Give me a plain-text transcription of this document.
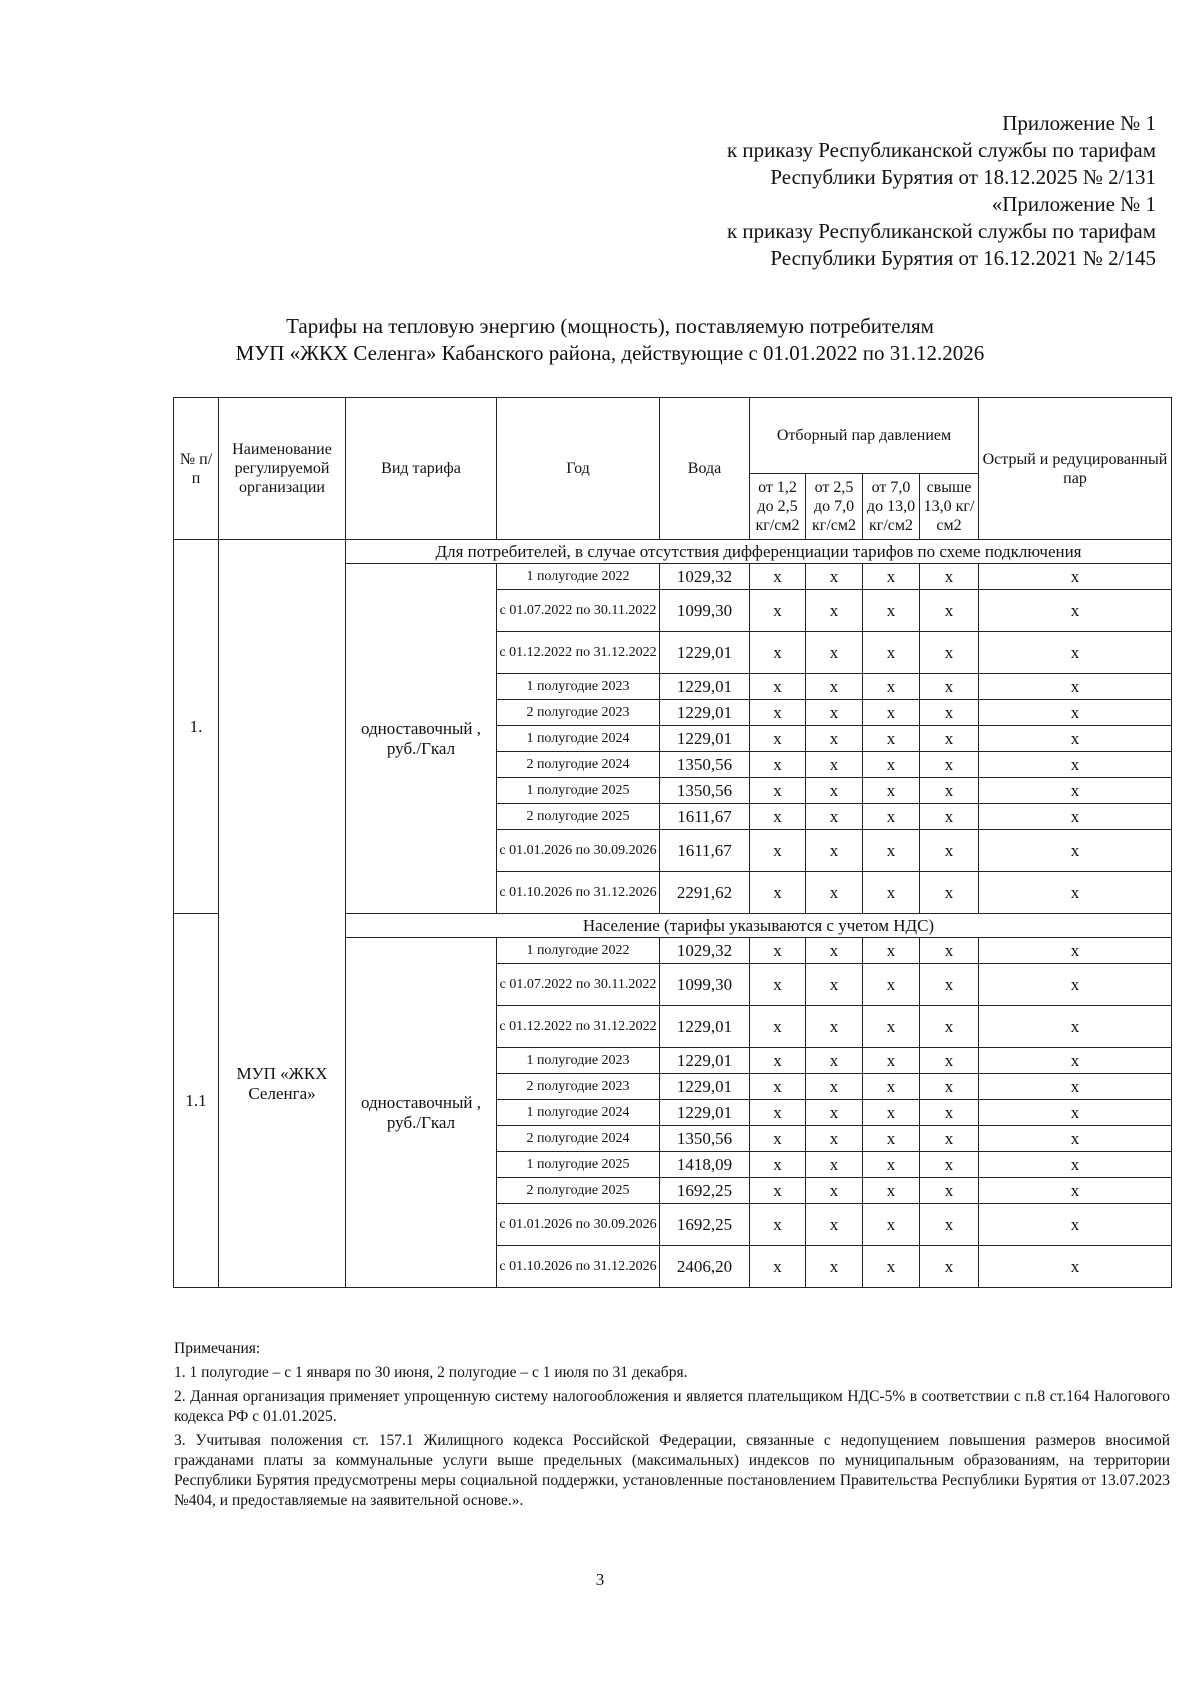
Приложение № 1
к приказу Республиканской службы по тарифам
Республики Бурятия от 18.12.2025 № 2/131
«Приложение № 1
к приказу Республиканской службы по тарифам
Республики Бурятия от 16.12.2021 № 2/145
Тарифы на тепловую энергию (мощность), поставляемую потребителям
МУП «ЖКХ Селенга» Кабанского района, действующие с 01.01.2022 по 31.12.2026
№ п/п	Наименование регулируемой организации	Вид тарифа	Год	Вода	Отборный пар давлением				Острый и редуцированный пар
					от 1,2 до 2,5 кг/см2	от 2,5 до 7,0 кг/см2	от 7,0 до 13,0 кг/см2	свыше 13,0 кг/см2	
1.	МУП «ЖКХ Селенга»	Для потребителей, в случае отсутствия дифференциации тарифов по схеме подключения							
		одноставочный , руб./Гкал	1 полугодие 2022	1029,32	х	х	х	х	х
			с 01.07.2022 по 30.11.2022	1099,30	х	х	х	х	х
			с 01.12.2022 по 31.12.2022	1229,01	х	х	х	х	х
			1 полугодие 2023	1229,01	х	х	х	х	х
			2 полугодие 2023	1229,01	х	х	х	х	х
			1 полугодие 2024	1229,01	х	х	х	х	х
			2 полугодие 2024	1350,56	х	х	х	х	х
			1 полугодие 2025	1350,56	х	х	х	х	х
			2 полугодие 2025	1611,67	х	х	х	х	х
			с 01.01.2026 по 30.09.2026	1611,67	х	х	х	х	х
			с 01.10.2026 по 31.12.2026	2291,62	х	х	х	х	х
1.1		Население (тарифы указываются с учетом НДС)							
		одноставочный , руб./Гкал	1 полугодие 2022	1029,32	х	х	х	х	х
			с 01.07.2022 по 30.11.2022	1099,30	х	х	х	х	х
			с 01.12.2022 по 31.12.2022	1229,01	х	х	х	х	х
			1 полугодие 2023	1229,01	х	х	х	х	х
			2 полугодие 2023	1229,01	х	х	х	х	х
			1 полугодие 2024	1229,01	х	х	х	х	х
			2 полугодие 2024	1350,56	х	х	х	х	х
			1 полугодие 2025	1418,09	х	х	х	х	х
			2 полугодие 2025	1692,25	х	х	х	х	х
			с 01.01.2026 по 30.09.2026	1692,25	х	х	х	х	х
			с 01.10.2026 по 31.12.2026	2406,20	х	х	х	х	х

Примечания:

1. 1 полугодие – с 1 января по 30 июня, 2 полугодие – с 1 июля по 31 декабря.

2. Данная организация применяет упрощенную систему налогообложения и является плательщиком НДС-5% в соответствии с п.8 ст.164 Налогового кодекса РФ с 01.01.2025.

3. Учитывая положения ст. 157.1 Жилищного кодекса Российской Федерации, связанные с недопущением повышения размеров вносимой гражданами платы за коммунальные услуги выше предельных (максимальных) индексов по муниципальным образованиям, на территории Республики Бурятия предусмотрены меры социальной поддержки, установленные постановлением Правительства Республики Бурятия от 13.07.2023 №404, и предоставляемые на заявительной основе.».

3
